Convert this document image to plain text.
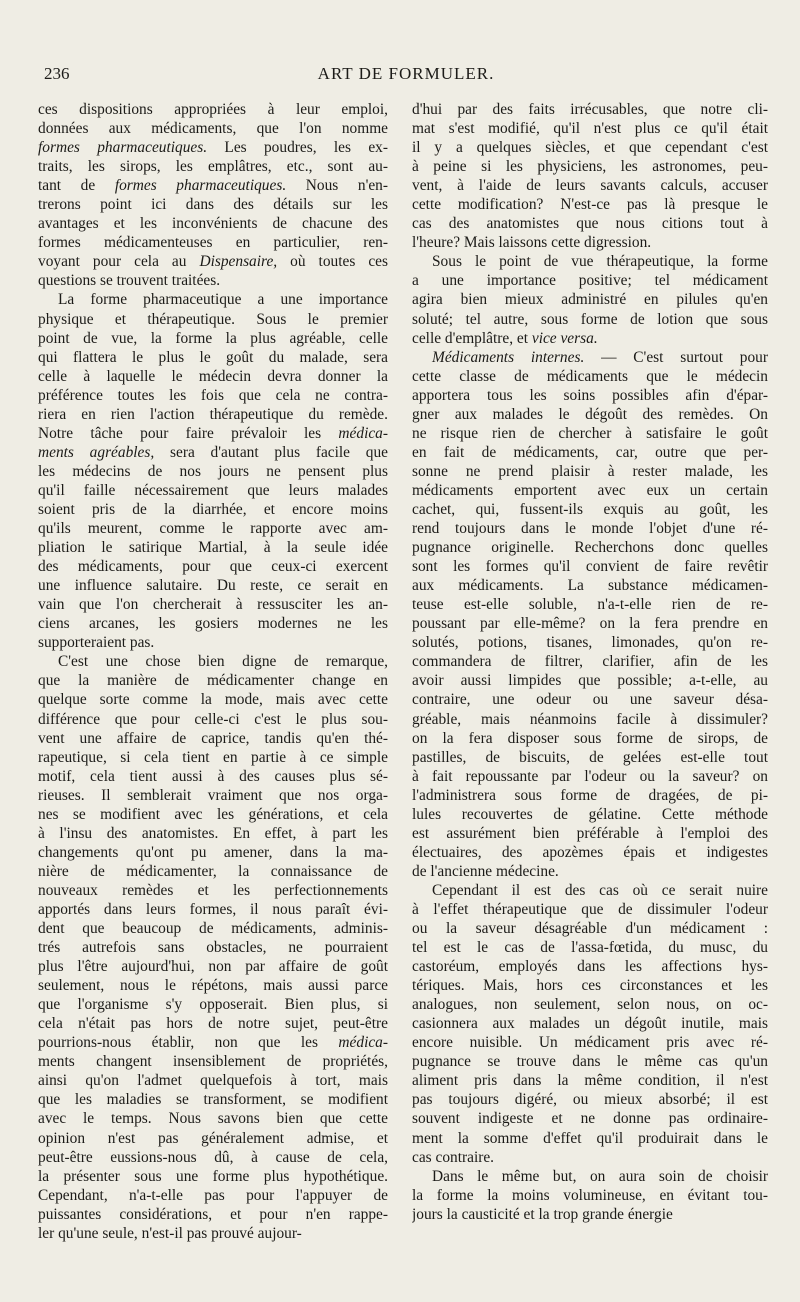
236	ART DE FORMULER.

ces dispositions appropriées à leur emploi,
données aux médicaments, que l'on nomme
formes pharmaceutiques. Les poudres, les ex-
traits, les sirops, les emplâtres, etc., sont au-
tant de formes pharmaceutiques. Nous n'en-
trerons point ici dans des détails sur les
avantages et les inconvénients de chacune des
formes médicamenteuses en particulier, ren-
voyant pour cela au Dispensaire, où toutes ces
questions se trouvent traitées.

La forme pharmaceutique a une importance
physique et thérapeutique. Sous le premier
point de vue, la forme la plus agréable, celle
qui flattera le plus le goût du malade, sera
celle à laquelle le médecin devra donner la
préférence toutes les fois que cela ne contra-
riera en rien l'action thérapeutique du remède.
Notre tâche pour faire prévaloir les médica-
ments agréables, sera d'autant plus facile que
les médecins de nos jours ne pensent plus
qu'il faille nécessairement que leurs malades
soient pris de la diarrhée, et encore moins
qu'ils meurent, comme le rapporte avec am-
pliation le satirique Martial, à la seule idée
des médicaments, pour que ceux-ci exercent
une influence salutaire. Du reste, ce serait en
vain que l'on chercherait à ressusciter les an-
ciens arcanes, les gosiers modernes ne les
supporteraient pas.

C'est une chose bien digne de remarque,
que la manière de médicamenter change en
quelque sorte comme la mode, mais avec cette
différence que pour celle-ci c'est le plus sou-
vent une affaire de caprice, tandis qu'en thé-
rapeutique, si cela tient en partie à ce simple
motif, cela tient aussi à des causes plus sé-
rieuses. Il semblerait vraiment que nos orga-
nes se modifient avec les générations, et cela
à l'insu des anatomistes. En effet, à part les
changements qu'ont pu amener, dans la ma-
nière de médicamenter, la connaissance de
nouveaux remèdes et les perfectionnements
apportés dans leurs formes, il nous paraît évi-
dent que beaucoup de médicaments, adminis-
trés autrefois sans obstacles, ne pourraient
plus l'être aujourd'hui, non par affaire de goût
seulement, nous le répétons, mais aussi parce
que l'organisme s'y opposerait. Bien plus, si
cela n'était pas hors de notre sujet, peut-être
pourrions-nous établir, non que les médica-
ments changent insensiblement de propriétés,
ainsi qu'on l'admet quelquefois à tort, mais
que les maladies se transforment, se modifient
avec le temps. Nous savons bien que cette
opinion n'est pas généralement admise, et
peut-être eussions-nous dû, à cause de cela,
la présenter sous une forme plus hypothétique.
Cependant, n'a-t-elle pas pour l'appuyer de
puissantes considérations, et pour n'en rappe-
ler qu'une seule, n'est-il pas prouvé aujour-

d'hui par des faits irrécusables, que notre cli-
mat s'est modifié, qu'il n'est plus ce qu'il était
il y a quelques siècles, et que cependant c'est
à peine si les physiciens, les astronomes, peu-
vent, à l'aide de leurs savants calculs, accuser
cette modification? N'est-ce pas là presque le
cas des anatomistes que nous citions tout à
l'heure? Mais laissons cette digression.

Sous le point de vue thérapeutique, la forme
a une importance positive; tel médicament
agira bien mieux administré en pilules qu'en
soluté; tel autre, sous forme de lotion que sous
celle d'emplâtre, et vice versa.

Médicaments internes. — C'est surtout pour
cette classe de médicaments que le médecin
apportera tous les soins possibles afin d'épar-
gner aux malades le dégoût des remèdes. On
ne risque rien de chercher à satisfaire le goût
en fait de médicaments, car, outre que per-
sonne ne prend plaisir à rester malade, les
médicaments emportent avec eux un certain
cachet, qui, fussent-ils exquis au goût, les
rend toujours dans le monde l'objet d'une ré-
pugnance originelle. Recherchons donc quelles
sont les formes qu'il convient de faire revêtir
aux médicaments. La substance médicamen-
teuse est-elle soluble, n'a-t-elle rien de re-
poussant par elle-même? on la fera prendre en
solutés, potions, tisanes, limonades, qu'on re-
commandera de filtrer, clarifier, afin de les
avoir aussi limpides que possible; a-t-elle, au
contraire, une odeur ou une saveur désa-
gréable, mais néanmoins facile à dissimuler?
on la fera disposer sous forme de sirops, de
pastilles, de biscuits, de gelées est-elle tout
à fait repoussante par l'odeur ou la saveur? on
l'administrera sous forme de dragées, de pi-
lules recouvertes de gélatine. Cette méthode
est assurément bien préférable à l'emploi des
électuaires, des apozèmes épais et indigestes
de l'ancienne médecine.

Cependant il est des cas où ce serait nuire
à l'effet thérapeutique que de dissimuler l'odeur
ou la saveur désagréable d'un médicament :
tel est le cas de l'assa-fœtida, du musc, du
castoréum, employés dans les affections hys-
tériques. Mais, hors ces circonstances et les
analogues, non seulement, selon nous, on oc-
casionnera aux malades un dégoût inutile, mais
encore nuisible. Un médicament pris avec ré-
pugnance se trouve dans le même cas qu'un
aliment pris dans la même condition, il n'est
pas toujours digéré, ou mieux absorbé; il est
souvent indigeste et ne donne pas ordinaire-
ment la somme d'effet qu'il produirait dans le
cas contraire.

Dans le même but, on aura soin de choisir
la forme la moins volumineuse, en évitant tou-
jours la causticité et la trop grande énergie
